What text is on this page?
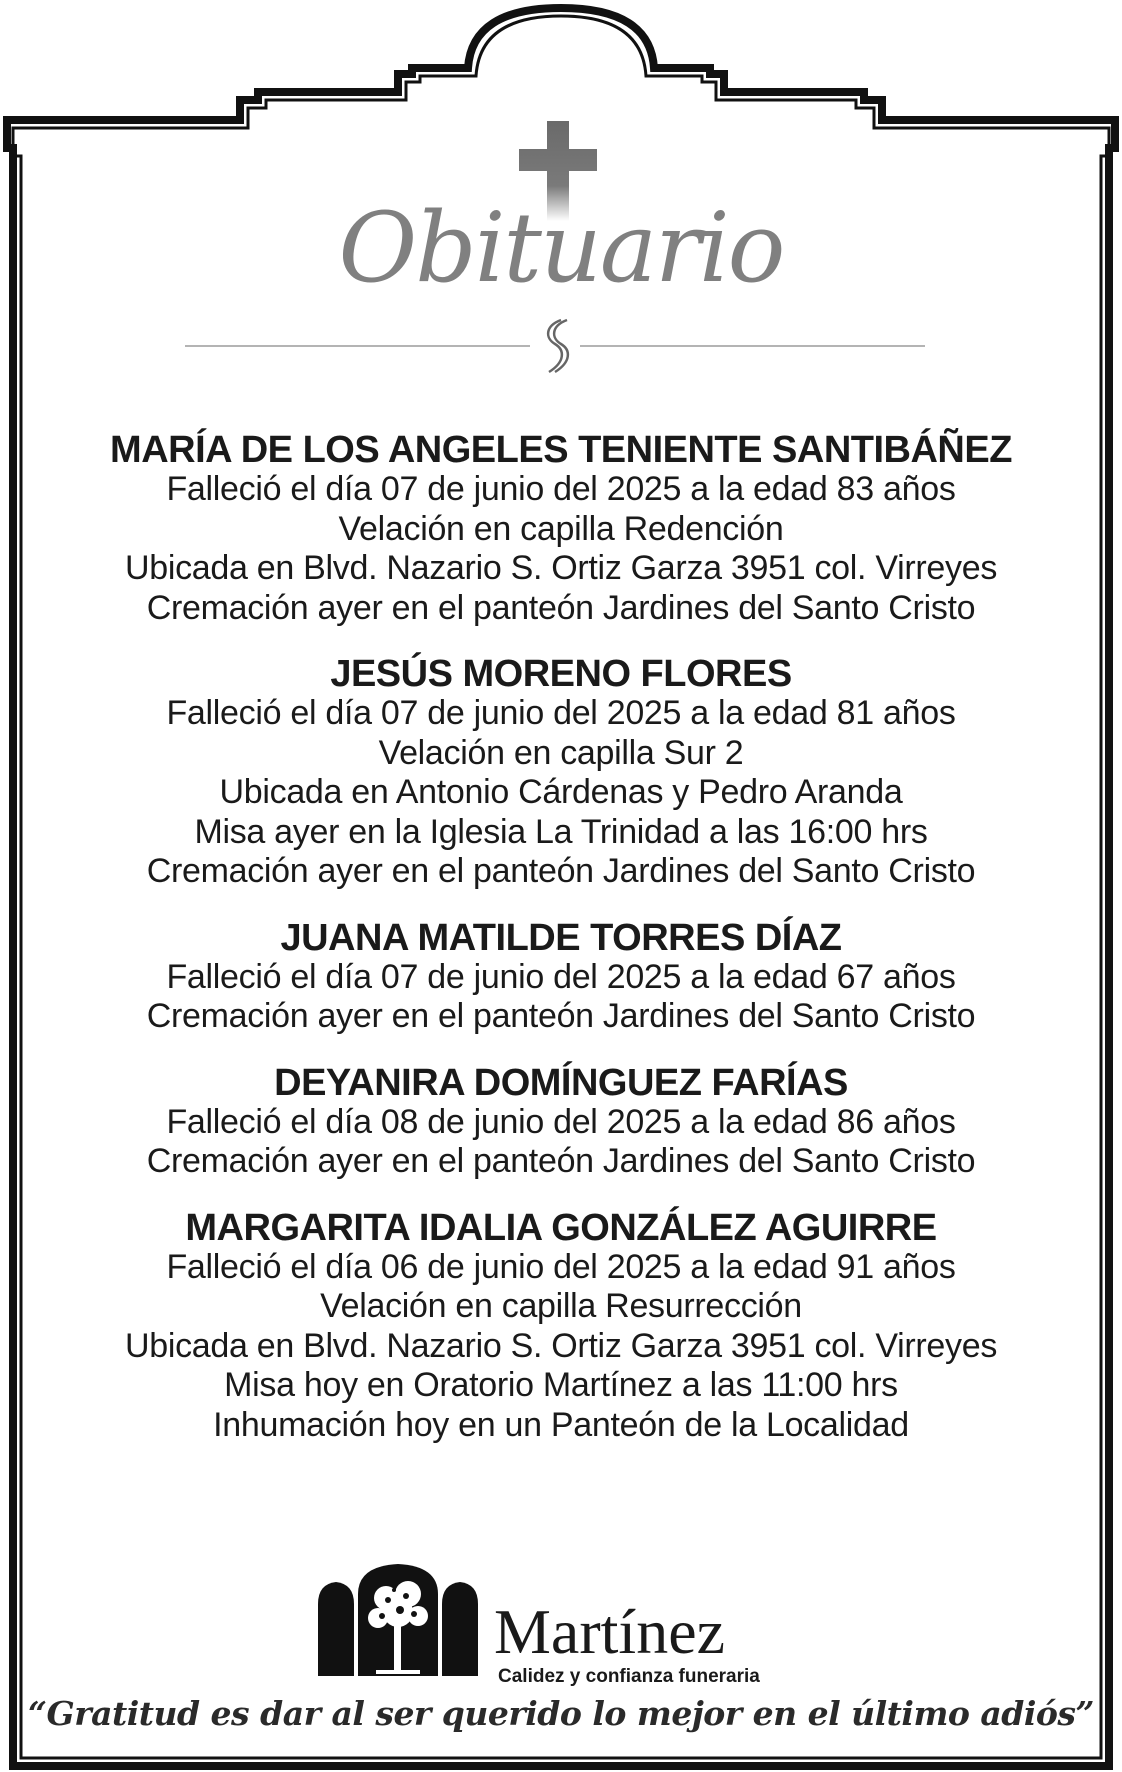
Obituario
MARÍA DE LOS ANGELES TENIENTE SANTIBÁÑEZ
Falleció el día 07 de junio del 2025 a la edad 83 años
Velación en capilla Redención
Ubicada en Blvd. Nazario S. Ortiz Garza 3951 col. Virreyes
Cremación ayer en el panteón Jardines del Santo Cristo
JESÚS MORENO FLORES
Falleció el día 07 de junio del 2025 a la edad 81 años
Velación en capilla Sur 2
Ubicada en Antonio Cárdenas y Pedro Aranda
Misa ayer en la Iglesia La Trinidad a las 16:00 hrs
Cremación ayer en el panteón Jardines del Santo Cristo
JUANA MATILDE TORRES DÍAZ
Falleció el día 07 de junio del 2025 a la edad 67 años
Cremación ayer en el panteón Jardines del Santo Cristo
DEYANIRA DOMÍNGUEZ FARÍAS
Falleció el día 08 de junio del 2025 a la edad 86 años
Cremación ayer en el panteón Jardines del Santo Cristo
MARGARITA IDALIA GONZÁLEZ AGUIRRE
Falleció el día 06 de junio del 2025 a la edad 91 años
Velación en capilla Resurrección
Ubicada en Blvd. Nazario S. Ortiz Garza 3951 col. Virreyes
Misa hoy en Oratorio Martínez a las 11:00 hrs
Inhumación hoy en un Panteón de la Localidad
Martínez
Calidez y confianza funeraria
“Gratitud es dar al ser querido lo mejor en el último adiós”
